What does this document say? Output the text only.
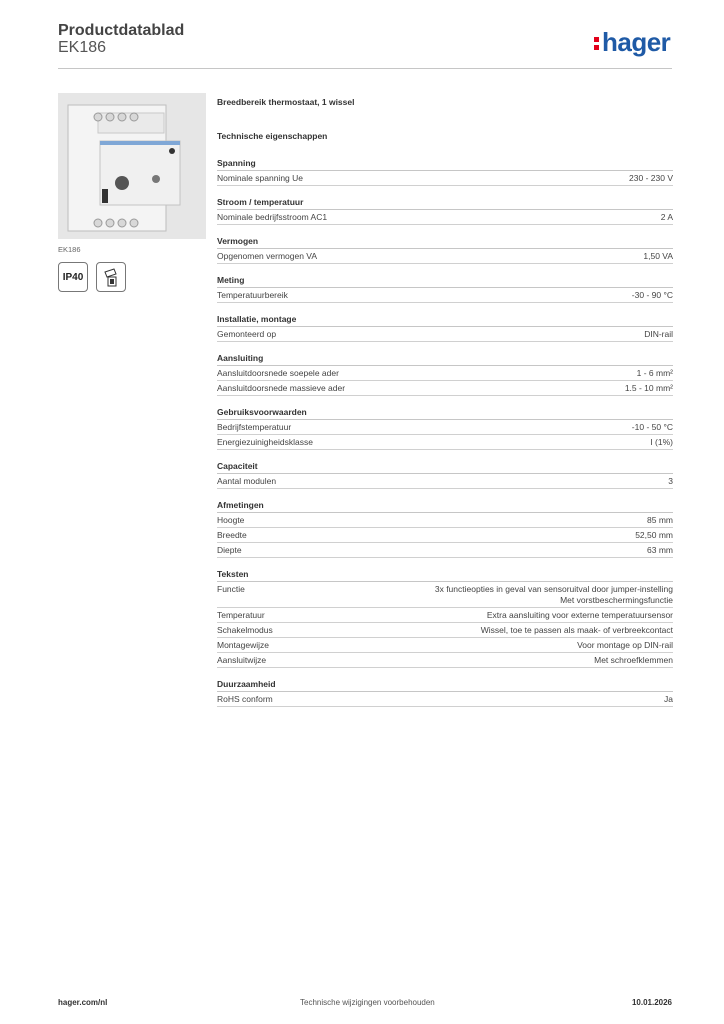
Productdatablad
EK186	hager
EK186
IP40
Breedbereik thermostaat, 1 wissel
Technische eigenschappen
Spanning
Nominale spanning Ue	230 - 230 V
Stroom / temperatuur
Nominale bedrijfsstroom AC1	2 A
Vermogen
Opgenomen vermogen VA	1,50 VA
Meting
Temperatuurbereik	-30 - 90 °C
Installatie, montage
Gemonteerd op	DIN-rail
Aansluiting
Aansluitdoorsnede soepele ader	1 - 6 mm²
Aansluitdoorsnede massieve ader	1.5 - 10 mm²
Gebruiksvoorwaarden
Bedrijfstemperatuur	-10 - 50 °C
Energiezuinigheidsklasse	I (1%)
Capaciteit
Aantal modulen	3
Afmetingen
Hoogte	85 mm
Breedte	52,50 mm
Diepte	63 mm
Teksten
Functie	3x functieopties in geval van sensoruitval door jumper-instelling
Met vorstbeschermingsfunctie
Temperatuur	Extra aansluiting voor externe temperatuursensor
Schakelmodus	Wissel, toe te passen als maak- of verbreekcontact
Montagewijze	Voor montage op DIN-rail
Aansluitwijze	Met schroefklemmen
Duurzaamheid
RoHS conform	Ja
hager.com/nl	Technische wijzigingen voorbehouden	10.01.2026
